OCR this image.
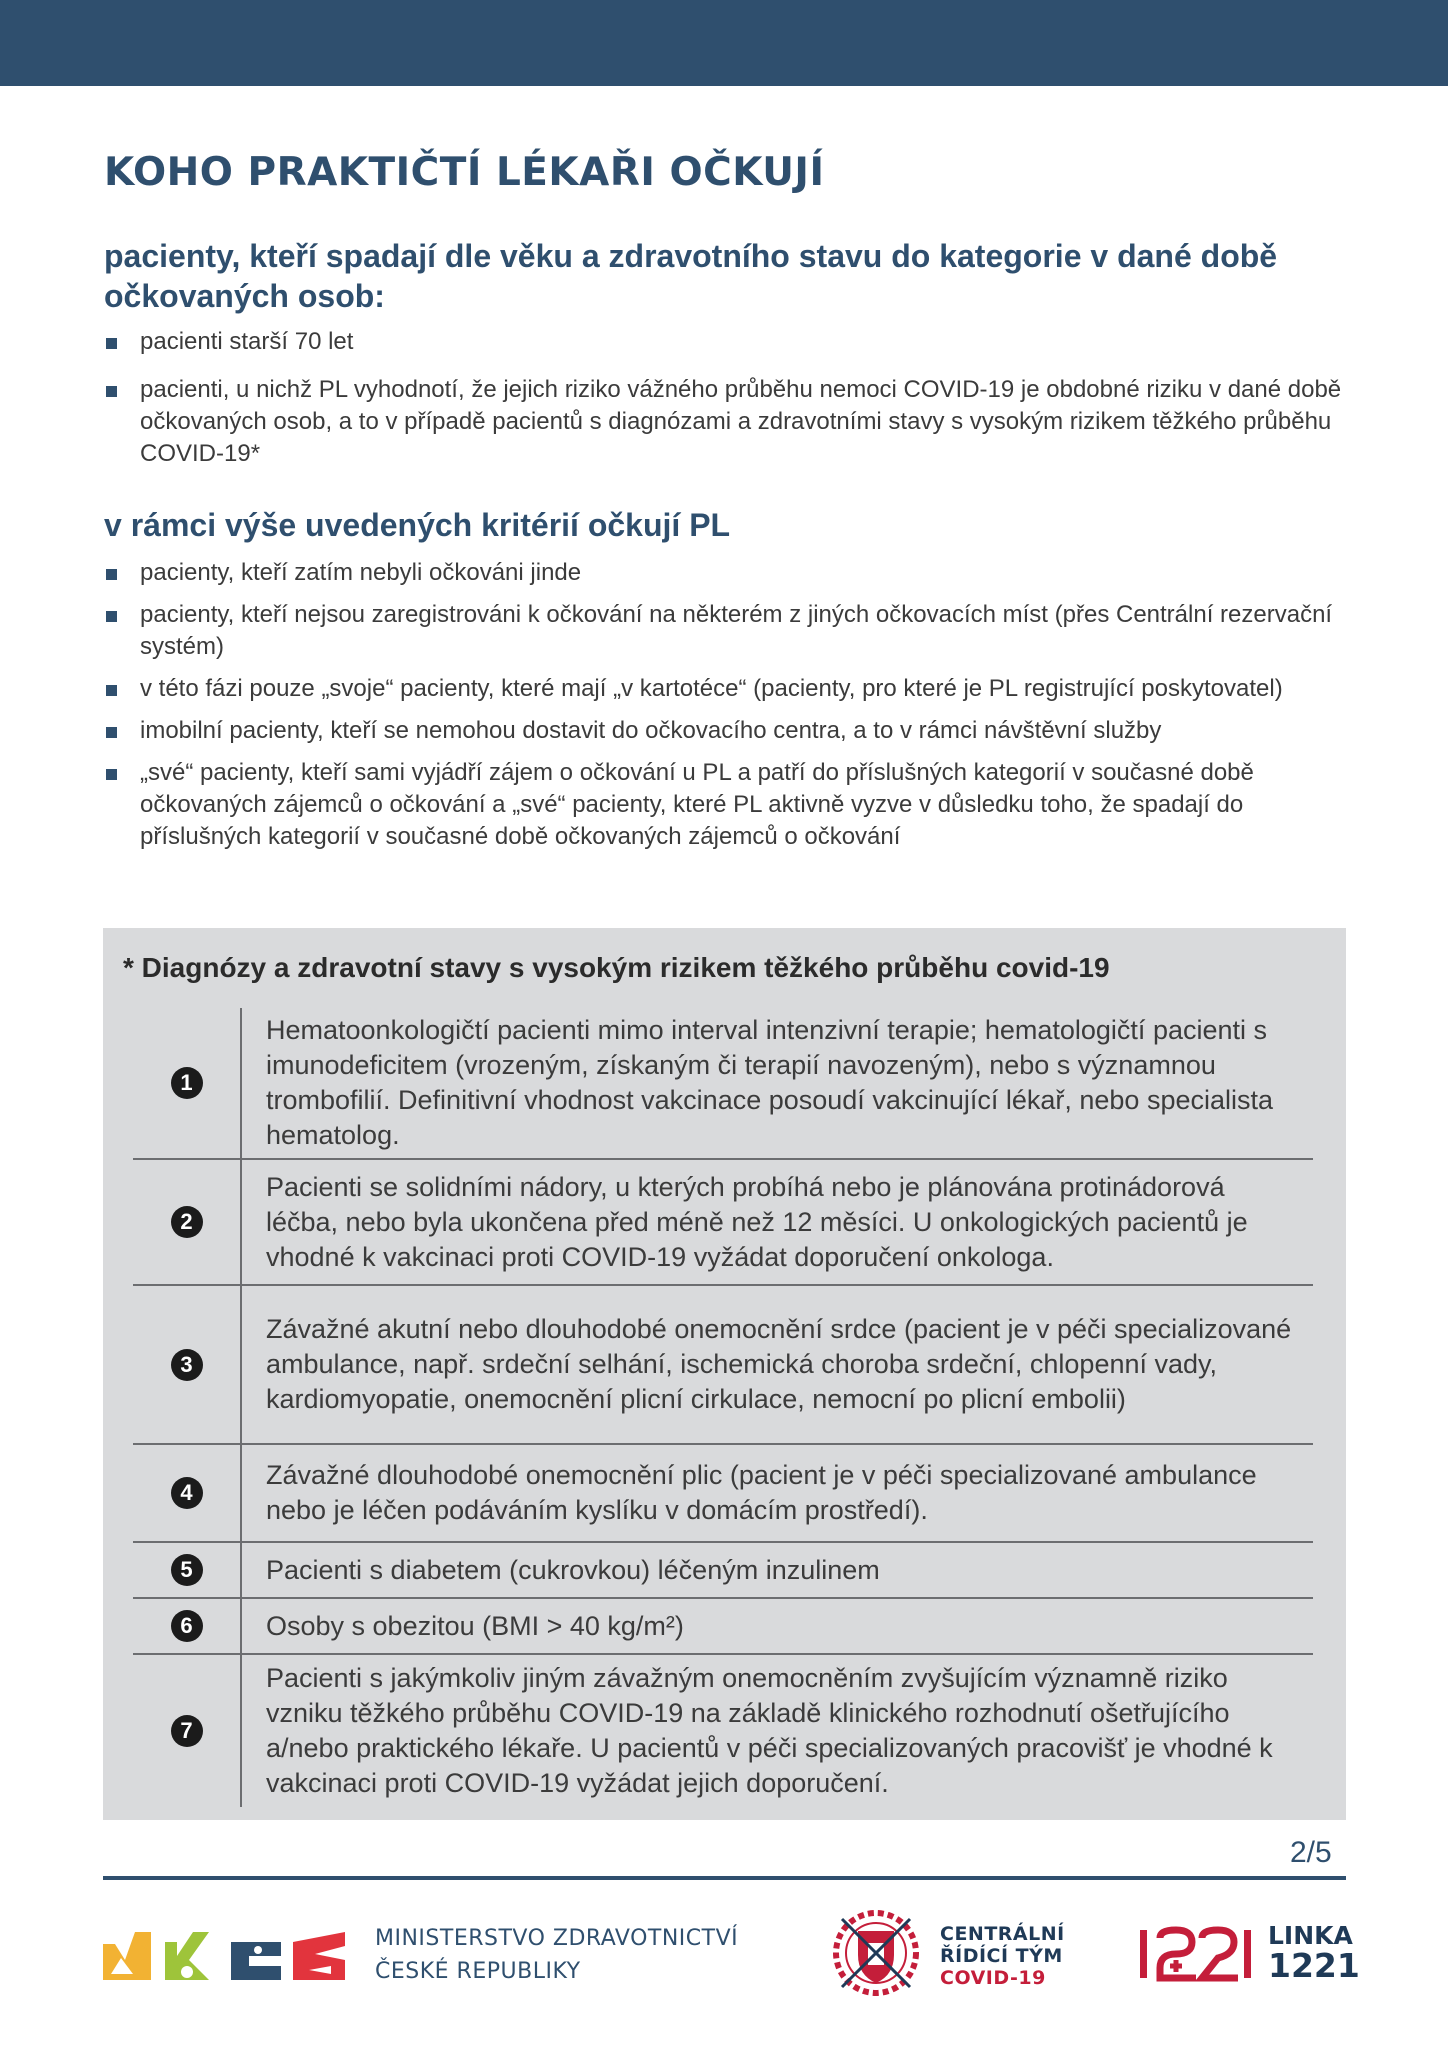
KOHO PRAKTIČTÍ LÉKAŘI OČKUJÍ
pacienty, kteří spadají dle věku a zdravotního stavu do kategorie v dané době očkovaných osob:
pacienti starší 70 let
pacienti, u nichž PL vyhodnotí, že jejich riziko vážného průběhu nemoci COVID-19 je obdobné riziku v dané době očkovaných osob, a to v případě pacientů s diagnózami a zdravotními stavy s vysokým rizikem těžkého průběhu COVID-19*
v rámci výše uvedených kritérií očkují PL
pacienty, kteří zatím nebyli očkováni jinde
pacienty, kteří nejsou zaregistrováni k očkování na některém z jiných očkovacích míst (přes Centrální rezervační systém)
v této fázi pouze „svoje“ pacienty, které mají „v kartotéce“ (pacienty, pro které je PL registrující poskytovatel)
imobilní pacienty, kteří se nemohou dostavit do očkovacího centra, a to v rámci návštěvní služby
„své“ pacienty, kteří sami vyjádří zájem o očkování u PL a patří do příslušných kategorií v současné době očkovaných zájemců o očkování a „své“ pacienty, které PL aktivně vyzve v důsledku toho, že spadají do příslušných kategorií v současné době očkovaných zájemců o očkování
* Diagnózy a zdravotní stavy s vysokým rizikem těžkého průběhu covid-19
1
Hematoonkologičtí pacienti mimo interval intenzivní terapie; hematologičtí pacienti s imunodeficitem (vrozeným, získaným či terapií navozeným), nebo s významnou trombofilií. Definitivní vhodnost vakcinace posoudí vakcinující lékař, nebo specialista hematolog.
2
Pacienti se solidními nádory, u kterých probíhá nebo je plánována protinádorová léčba, nebo byla ukončena před méně než 12 měsíci. U onkologických pacientů je vhodné k vakcinaci proti COVID-19 vyžádat doporučení onkologa.
3
Závažné akutní nebo dlouhodobé onemocnění srdce (pacient je v péči specializované ambulance, např. srdeční selhání, ischemická choroba srdeční, chlopenní vady, kardiomyopatie, onemocnění plicní cirkulace, nemocní po plicní embolii)
4
Závažné dlouhodobé onemocnění plic (pacient je v péči specializované ambulance nebo je léčen podáváním kyslíku v domácím prostředí).
5	Pacienti s diabetem (cukrovkou) léčeným inzulinem
6	Osoby s obezitou (BMI > 40 kg/m²)
7
Pacienti s jakýmkoliv jiným závažným onemocněním zvyšujícím významně riziko vzniku těžkého průběhu COVID-19 na základě klinického rozhodnutí ošetřujícího a/nebo praktického lékaře. U pacientů v péči specializovaných pracovišť je vhodné k vakcinaci proti COVID-19 vyžádat jejich doporučení.
2/5
MINISTERSTVO ZDRAVOTNICTVÍ
ČESKÉ REPUBLIKY
CENTRÁLNÍ
ŘÍDÍCÍ TÝM
COVID-19
LINKA
1221
